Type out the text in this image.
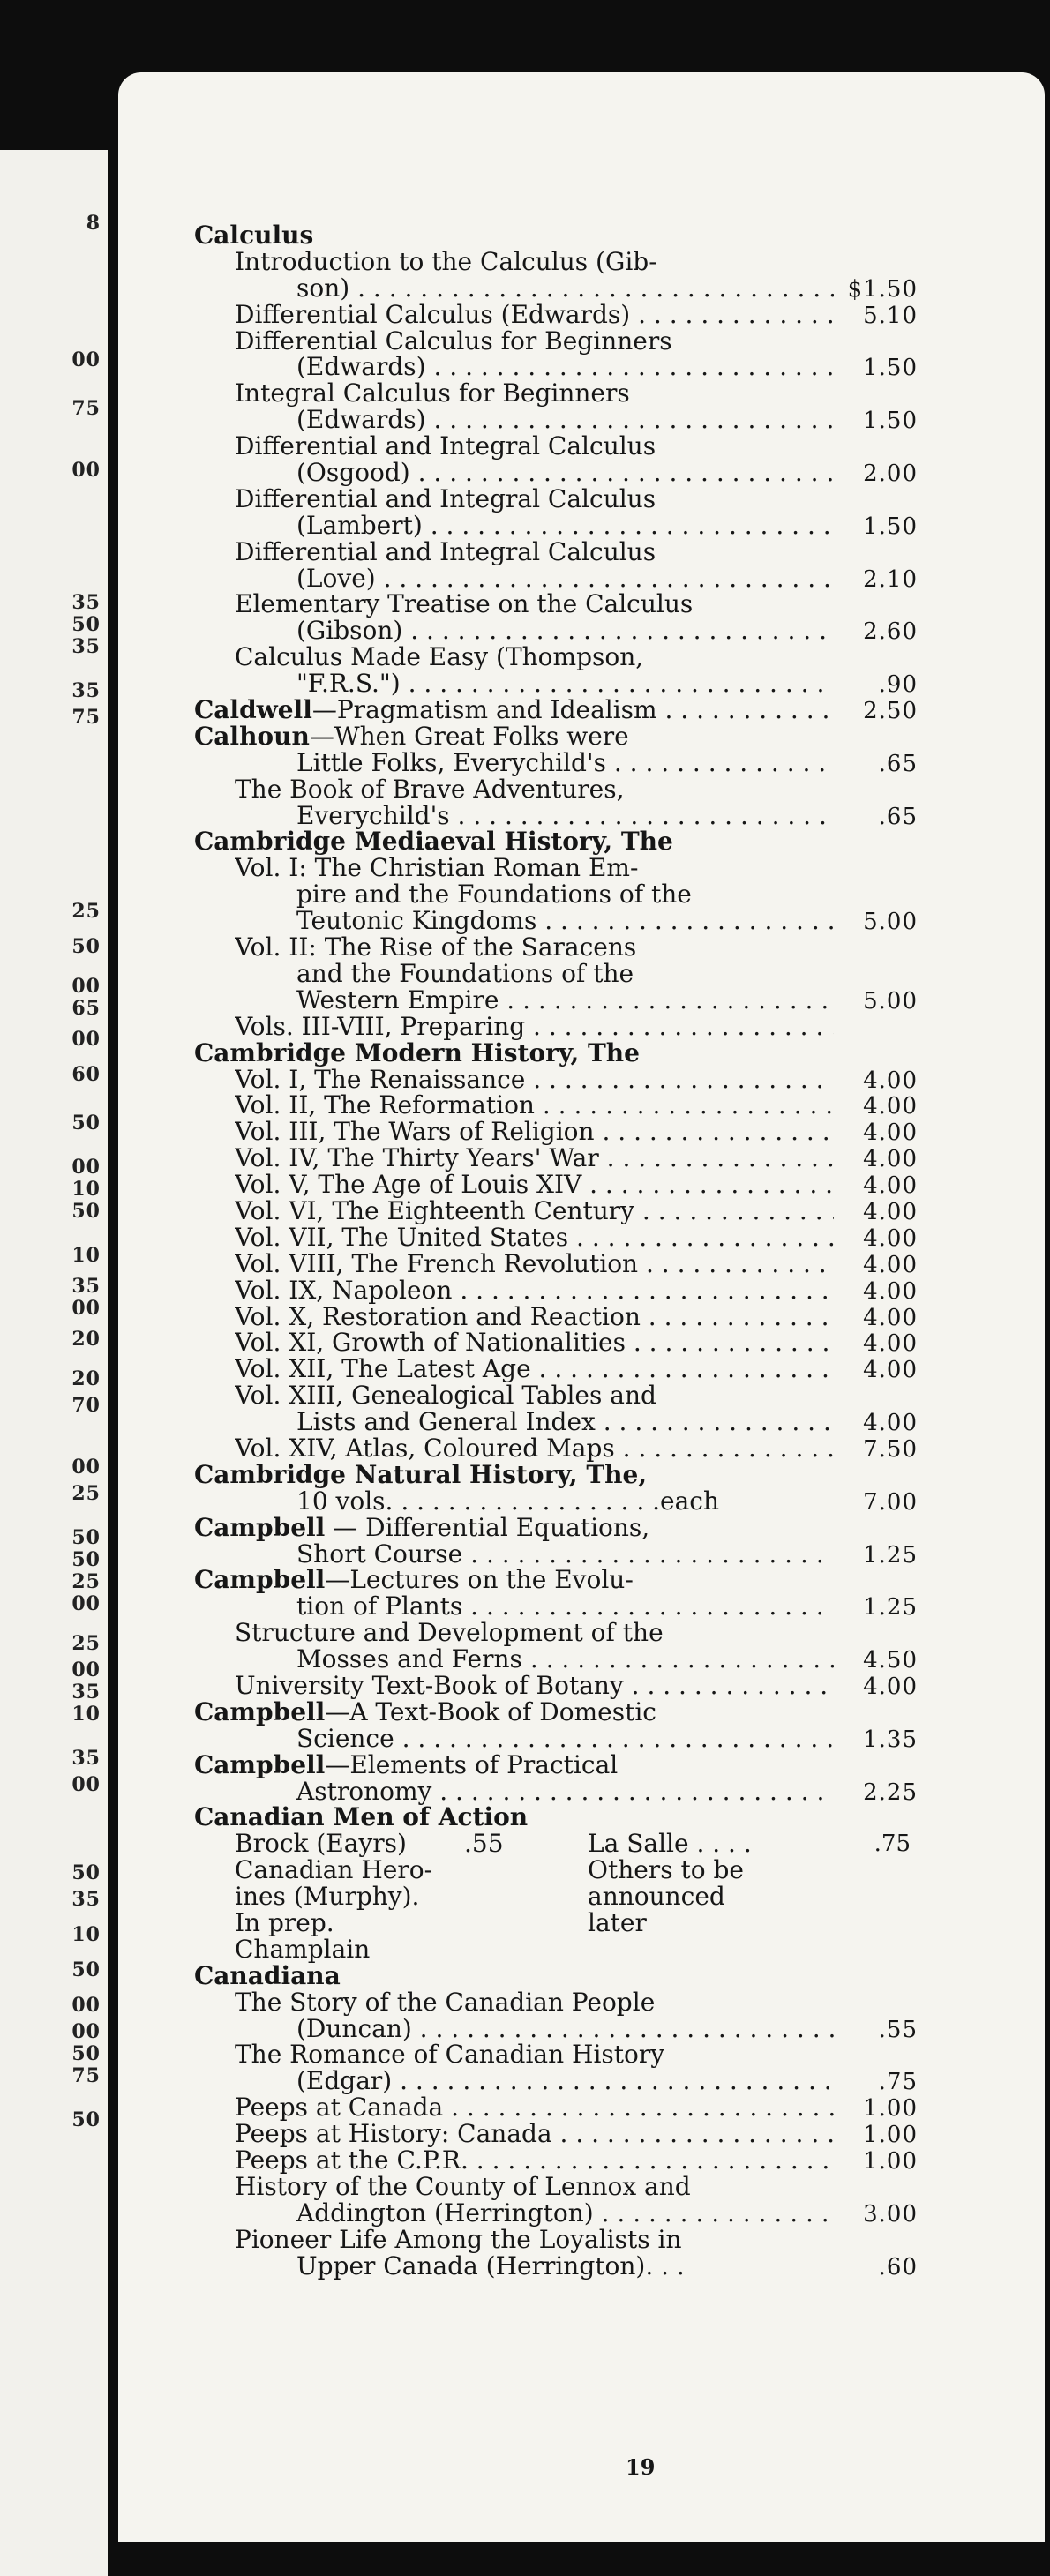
8
00
75
00
35
50
35
35
75
25
50
00
65
00
60
50
00
10
50
10
35
00
20
20
70
00
25
50
50
25
00
25
00
35
10
35
00
50
35
10
50
00
00
50
75
50
Calculus
Introduction to the Calculus (Gib-
son) . . .	$1.50
Differential Calculus (Edwards) . . .	5.10
Differential Calculus for Beginners
(Edwards) . . .	1.50
Integral Calculus for Beginners
(Edwards) . . .	1.50
Differential and Integral Calculus
(Osgood) . . .	2.00
Differential and Integral Calculus
(Lambert) . . .	1.50
Differential and Integral Calculus
(Love) . . .	2.10
Elementary Treatise on the Calculus
(Gibson) . . .	2.60
Calculus Made Easy (Thompson,
"F.R.S.") . . .	.90
Caldwell—Pragmatism and Idealism . . .	2.50
Calhoun—When Great Folks were
Little Folks, Everychild's . . .	.65
The Book of Brave Adventures,
Everychild's . . .	.65
Cambridge Mediaeval History, The
Vol. I: The Christian Roman Em-
pire and the Foundations of the
Teutonic Kingdoms . . .	5.00
Vol. II: The Rise of the Saracens
and the Foundations of the
Western Empire . . .	5.00
Vols. III-VIII, Preparing . . .
Cambridge Modern History, The
Vol. I, The Renaissance . . .	4.00
Vol. II, The Reformation . . .	4.00
Vol. III, The Wars of Religion . . .	4.00
Vol. IV, The Thirty Years' War . . .	4.00
Vol. V, The Age of Louis XIV . . .	4.00
Vol. VI, The Eighteenth Century . . .	4.00
Vol. VII, The United States . . .	4.00
Vol. VIII, The French Revolution . . .	4.00
Vol. IX, Napoleon . . .	4.00
Vol. X, Restoration and Reaction . . .	4.00
Vol. XI, Growth of Nationalities . . .	4.00
Vol. XII, The Latest Age . . .	4.00
Vol. XIII, Genealogical Tables and
Lists and General Index . . .	4.00
Vol. XIV, Atlas, Coloured Maps . . .	7.50
Cambridge Natural History, The,
10 vols. . . . . . . . . . . . . . . . . .each	7.00
Campbell — Differential Equations,
Short Course . . .	1.25
Campbell—Lectures on the Evolu-
tion of Plants . . .	1.25
Structure and Development of the
Mosses and Ferns . . .	4.50
University Text-Book of Botany . . .	4.00
Campbell—A Text-Book of Domestic
Science . . .	1.35
Campbell—Elements of Practical
Astronomy . . .	2.25
Canadian Men of Action
Brock (Eayrs) .55	La Salle . . . .	.75
Canadian Hero-	Others to be
ines (Murphy).	announced
In prep.	later
Champlain
Canadiana
The Story of the Canadian People
(Duncan) . . .	.55
The Romance of Canadian History
(Edgar) . . .	.75
Peeps at Canada . . .	1.00
Peeps at History: Canada . . .	1.00
Peeps at the C.P.R. . . .	1.00
History of the County of Lennox and
Addington (Herrington) . . .	3.00
Pioneer Life Among the Loyalists in
Upper Canada (Herrington). . .	.60
19
